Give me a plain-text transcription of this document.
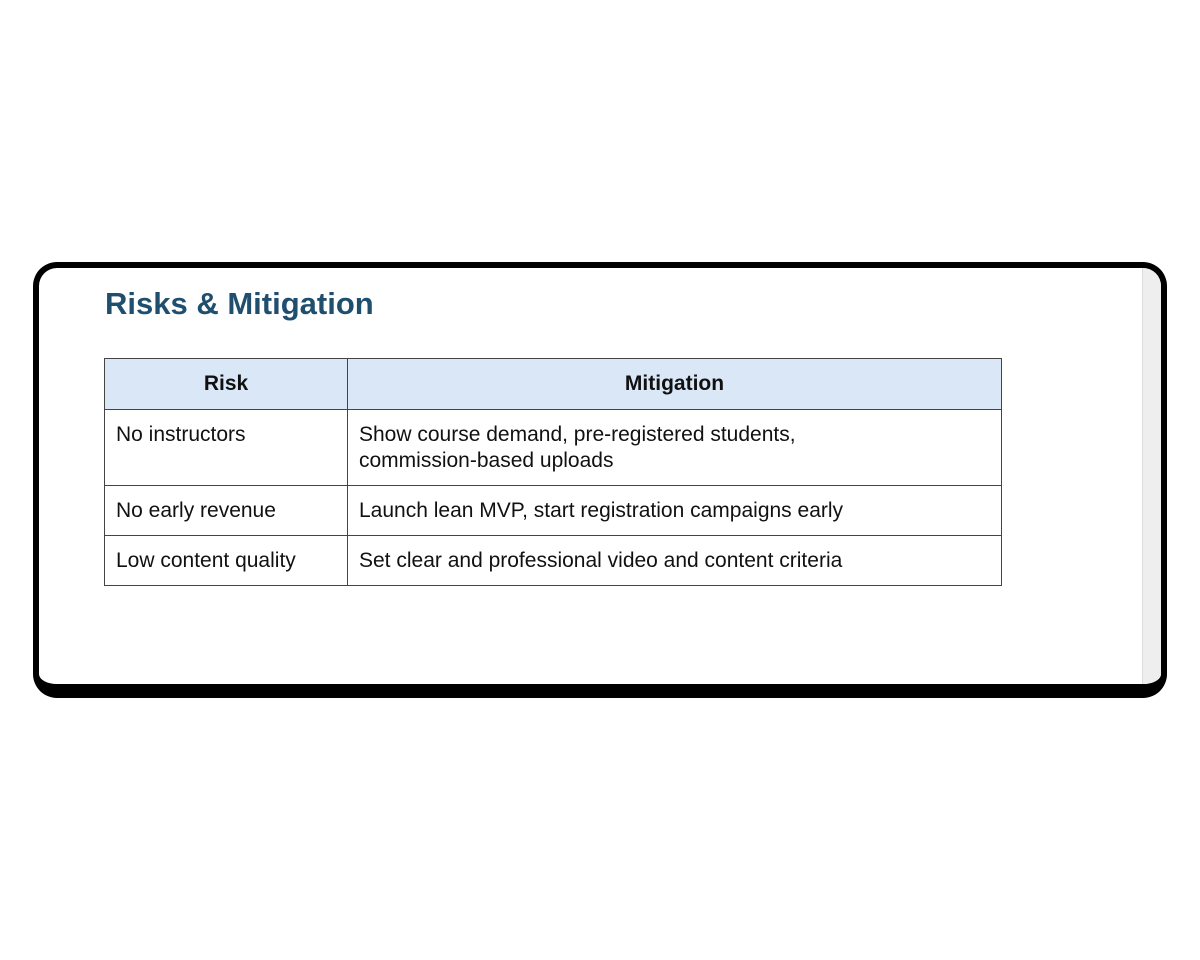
Risks & Mitigation
Risk	Mitigation
No instructors	Show course demand, pre-registered students, commission-based uploads
No early revenue	Launch lean MVP, start registration campaigns early
Low content quality	Set clear and professional video and content criteria
